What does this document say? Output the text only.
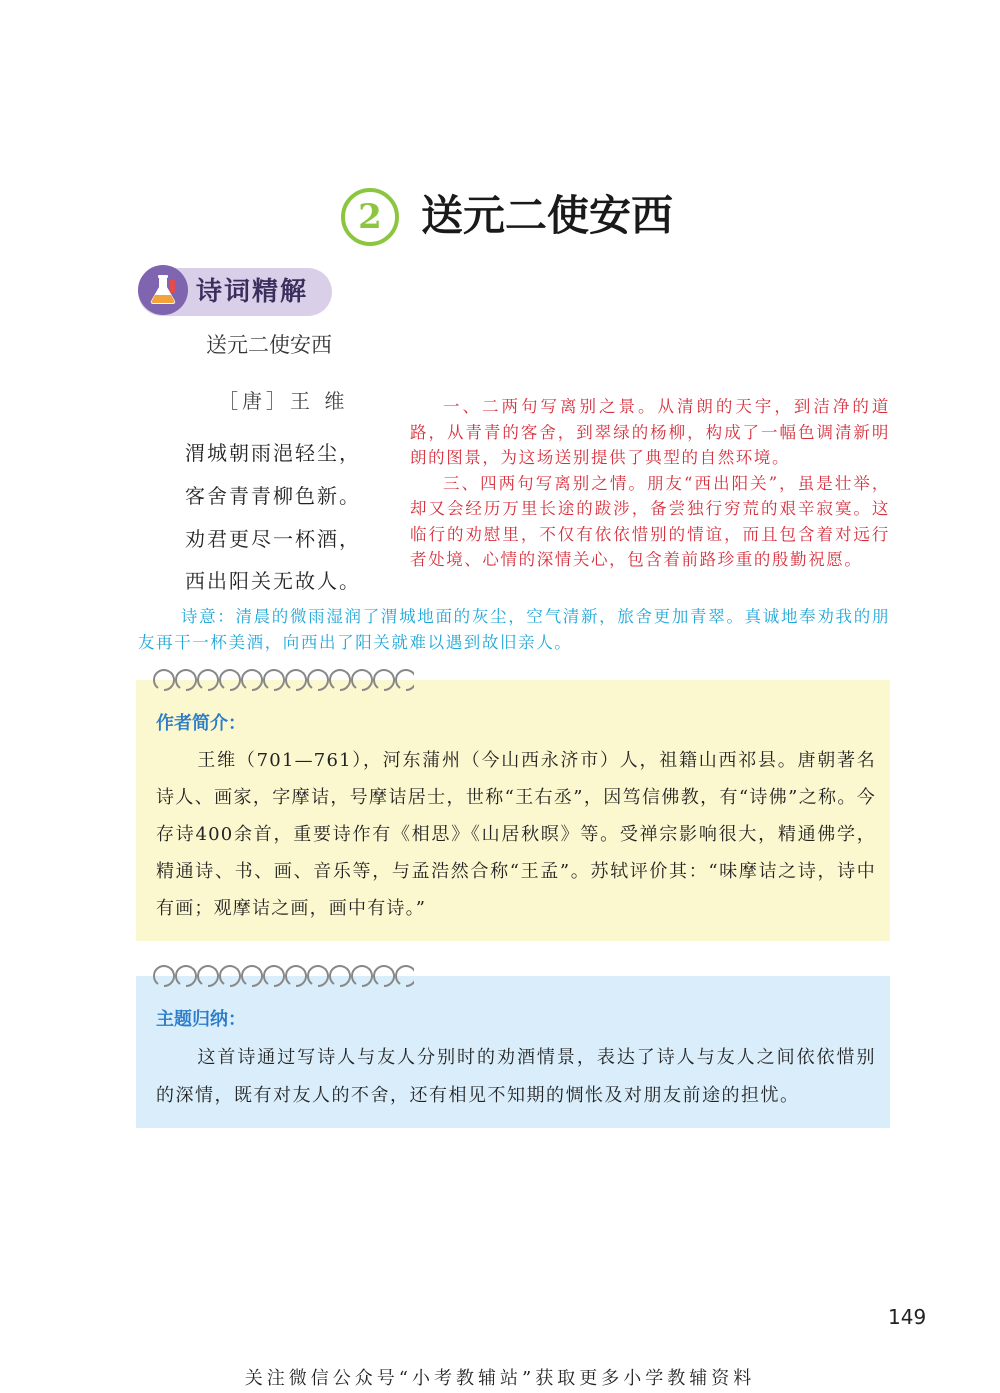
2 送元二使安西
诗词精解
送元二使安西
［唐］王 维
渭城朝雨浥轻尘，
客舍青青柳色新。
劝君更尽一杯酒，
西出阳关无故人。

一、二两句写离别之景。从清朗的天宇，到洁净的道路，从青青的客舍，到翠绿的杨柳，构成了一幅色调清新明朗的图景，为这场送别提供了典型的自然环境。

三、四两句写离别之情。朋友“西出阳关”，虽是壮举，却又会经历万里长途的跋涉，备尝独行穷荒的艰辛寂寞。这临行的劝慰里，不仅有依依惜别的情谊，而且包含着对远行者处境、心情的深情关心，包含着前路珍重的殷勤祝愿。

诗意：清晨的微雨湿润了渭城地面的灰尘，空气清新，旅舍更加青翠。真诚地奉劝我的朋友再干一杯美酒，向西出了阳关就难以遇到故旧亲人。

作者简介：

王维（701—761），河东蒲州（今山西永济市）人，祖籍山西祁县。唐朝著名诗人、画家，字摩诘，号摩诘居士，世称“王右丞”，因笃信佛教，有“诗佛”之称。今存诗400余首，重要诗作有《相思》《山居秋暝》等。受禅宗影响很大，精通佛学，精通诗、书、画、音乐等，与孟浩然合称“王孟”。苏轼评价其：“味摩诘之诗，诗中有画；观摩诘之画，画中有诗。”

主题归纳：

这首诗通过写诗人与友人分别时的劝酒情景，表达了诗人与友人之间依依惜别的深情，既有对友人的不舍，还有相见不知期的惆怅及对朋友前途的担忧。

149
关注微信公众号“小考教辅站”获取更多小学教辅资料
